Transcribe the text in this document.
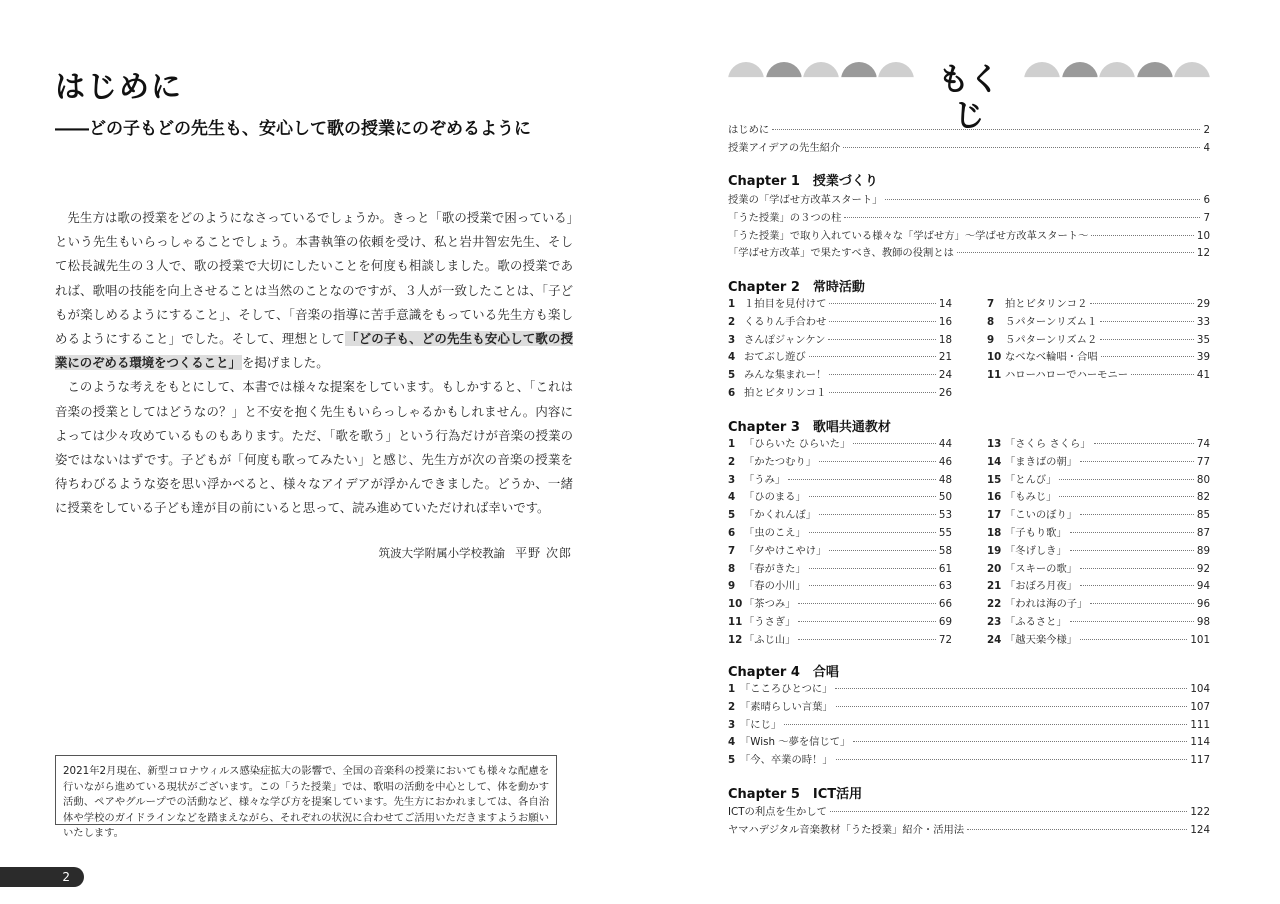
はじめに
――どの子もどの先生も、安心して歌の授業にのぞめるように

先生方は歌の授業をどのようになさっているでしょうか。きっと「歌の授業で困っている」という先生もいらっしゃることでしょう。本書執筆の依頼を受け、私と岩井智宏先生、そして松長誠先生の３人で、歌の授業で大切にしたいことを何度も相談しました。歌の授業であれば、歌唱の技能を向上させることは当然のことなのですが、３人が一致したことは、「子どもが楽しめるようにすること」、そして、「音楽の指導に苦手意識をもっている先生方も楽しめるようにすること」でした。そして、理想として「どの子も、どの先生も安心して歌の授業にのぞめる環境をつくること」を掲げました。

このような考えをもとにして、本書では様々な提案をしています。もしかすると、「これは音楽の授業としてはどうなの？」と不安を抱く先生もいらっしゃるかもしれません。内容によっては少々攻めているものもあります。ただ、「歌を歌う」という行為だけが音楽の授業の姿ではないはずです。子どもが「何度も歌ってみたい」と感じ、先生方が次の音楽の授業を待ちわびるような姿を思い浮かべると、様々なアイデアが浮かんできました。どうか、一緒に授業をしている子ども達が目の前にいると思って、読み進めていただければ幸いです。

筑波大学附属小学校教諭 平野 次郎
2021年2月現在、新型コロナウィルス感染症拡大の影響で、全国の音楽科の授業においても様々な配慮を行いながら進めている現状がございます。この「うた授業」では、歌唱の活動を中心として、体を動かす活動、ペアやグループでの活動など、様々な学び方を提案しています。先生方におかれましては、各自治体や学校のガイドラインなどを踏まえながら、それぞれの状況に合わせてご活用いただきますようお願いいたします。
2
もくじ
はじめに	2
授業アイデアの先生紹介	4
Chapter 1　授業づくり
授業の「学ばせ方改革スタート」	6
「うた授業」の３つの柱	7
「うた授業」で取り入れている様々な「学ばせ方」～学ばせ方改革スタート～	10
「学ばせ方改革」で果たすべき、教師の役割とは	12
Chapter 2　常時活動
1 １拍目を見付けて	14
2 くるりん手合わせ	16
3 さんぽジャンケン	18
4 おてぶし遊び	21
5 みんな集まれー！	24
6 拍とビタリンコ１	26
7	拍とビタリンコ２	29
8	５パターンリズム１	33
9	５パターンリズム２	35
10 なべなべ輪唱・合唱	39
11 ハローハローでハーモニー	41
Chapter 3　歌唱共通教材
1 「ひらいた ひらいた」	44
2 「かたつむり」	46
3 「うみ」	48
4 「ひのまる」	50
5 「かくれんぼ」	53
6 「虫のこえ」	55
7 「夕やけこやけ」	58
8 「春がきた」	61
9 「春の小川」	63
10 「茶つみ」	66
11 「うさぎ」	69
12 「ふじ山」	72
13 「さくら さくら」	74
14 「まきばの朝」	77
15 「とんび」	80
16 「もみじ」	82
17 「こいのぼり」	85
18 「子もり歌」	87
19 「冬げしき」	89
20 「スキーの歌」	92
21 「おぼろ月夜」	94
22 「われは海の子」	96
23 「ふるさと」	98
24 「越天楽今様」	101
Chapter 4　合唱
1 「こころひとつに」	104
2 「素晴らしい言葉」	107
3 「にじ」	111
4 「Wish ～夢を信じて」	114
5 「今、卒業の時！」	117
Chapter 5　ICT活用
ICTの利点を生かして	122
ヤマハデジタル音楽教材「うた授業」紹介・活用法	124
